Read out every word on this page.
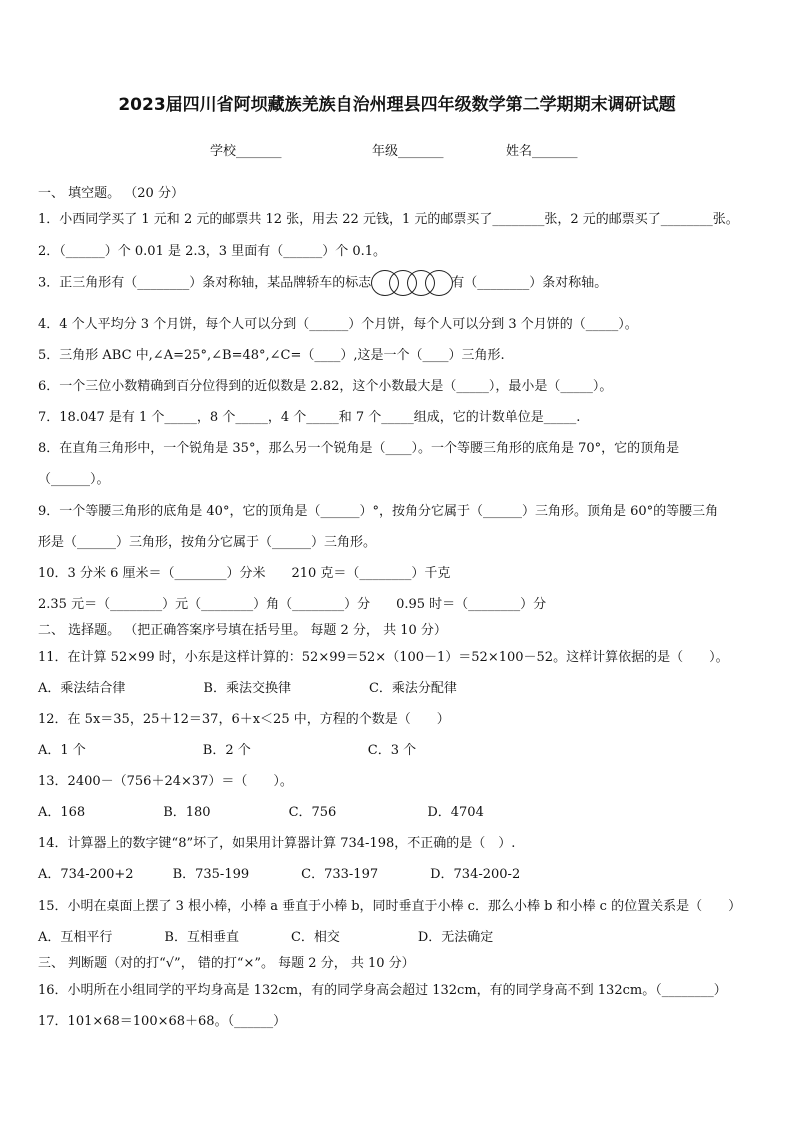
2023届四川省阿坝藏族羌族自治州理县四年级数学第二学期期末调研试题
学校_______	年级_______	姓名_______
一、 填空题。 （20 分）
1．小西同学买了 1 元和 2 元的邮票共 12 张，用去 22 元钱，1 元的邮票买了________张，2 元的邮票买了________张。
2．（______）个 0.01 是 2.3，3 里面有（______）个 0.1。
3．正三角形有（________）条对称轴，某品牌轿车的标志	有（________）条对称轴。
4．4 个人平均分 3 个月饼，每个人可以分到（______）个月饼，每个人可以分到 3 个月饼的（_____）。
5．三角形 ABC 中,∠A=25°,∠B=48°,∠C=（____）,这是一个（____）三角形.
6．一个三位小数精确到百分位得到的近似数是 2.82，这个小数最大是（_____），最小是（_____）。
7．18.047 是有 1 个_____，8 个_____，4 个_____和 7 个_____组成，它的计数单位是_____.
8．在直角三角形中，一个锐角是 35°，那么另一个锐角是（____）。一个等腰三角形的底角是 70°，它的顶角是
（______）。
9．一个等腰三角形的底角是 40°，它的顶角是（______）°，按角分它属于（______）三角形。顶角是 60°的等腰三角
形是（______）三角形，按角分它属于（______）三角形。
10．3 分米 6 厘米＝（________）分米　　210 克＝（________）千克
2.35 元＝（________）元（________）角（________）分　　0.95 时＝（________）分
二、 选择题。 （把正确答案序号填在括号里。 每题 2 分， 共 10 分）
11．在计算 52×99 时，小东是这样计算的：52×99＝52×（100－1）＝52×100－52。这样计算依据的是（　　）。
A．乘法结合律　　　　　　B．乘法交换律　　　　　　C．乘法分配律
12．在 5x＝35，25＋12＝37，6＋x＜25 中，方程的个数是（　　）
A．1 个　　　　　　　　　B．2 个　　　　　　　　　C．3 个
13．2400－（756＋24×37）＝（　　）。
A．168　　　　　　B．180　　　　　　C．756　　　　　　　D．4704
14．计算器上的数字键“8”坏了，如果用计算器计算 734-198，不正确的是（　）.
A．734-200+2　　　B．735-199　　　　C．733-197　　　　D．734-200-2
15．小明在桌面上摆了 3 根小棒，小棒 a 垂直于小棒 b，同时垂直于小棒 c．那么小棒 b 和小棒 c 的位置关系是（　　）
A．互相平行　　　　B．互相垂直　　　　C．相交　　　　　　D．无法确定
三、 判断题（对的打“√”， 错的打“×”。 每题 2 分， 共 10 分）
16．小明所在小组同学的平均身高是 132cm，有的同学身高会超过 132cm，有的同学身高不到 132cm。（________）
17．101×68＝100×68＋68。（______）
